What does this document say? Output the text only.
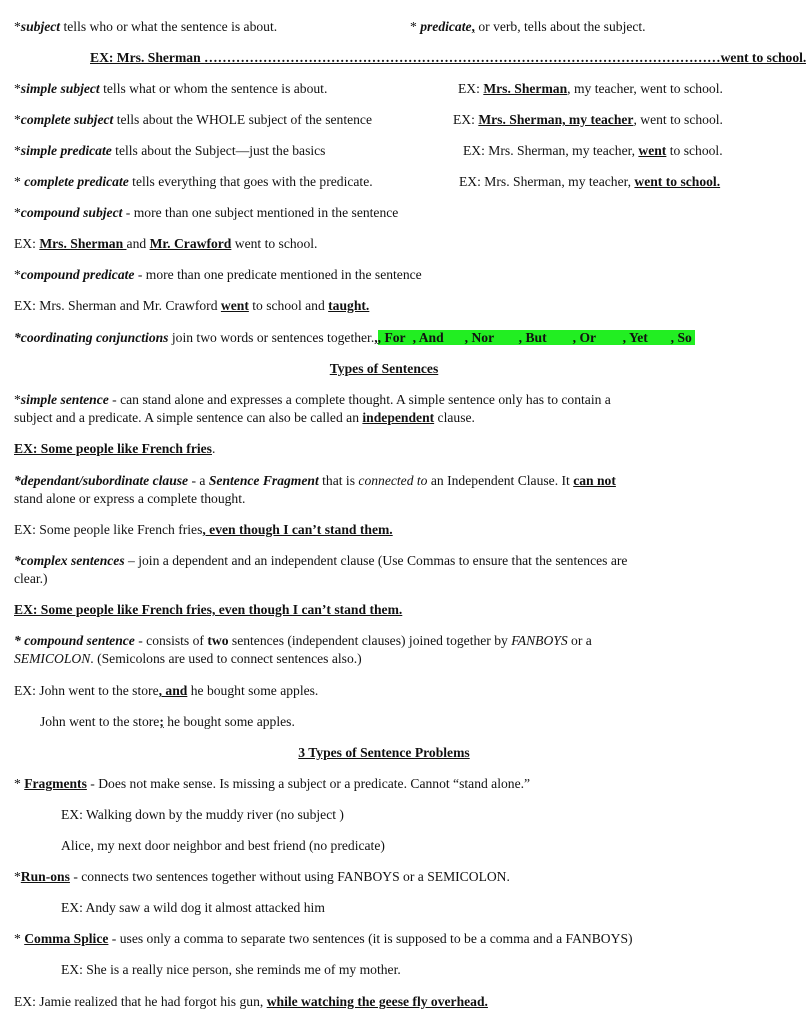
*subject tells who or what the sentence is about.	* predicate, or verb, tells about the subject.
EX: Mrs. Sherman ……………………………………………………………………………………………………went to school.
*simple subject tells what or whom the sentence is about.	EX: Mrs. Sherman, my teacher, went to school.
*complete subject tells about the WHOLE subject of the sentence	EX: Mrs. Sherman, my teacher, went to school.
*simple predicate tells about the Subject—just the basics	EX: Mrs. Sherman, my teacher, went to school.
* complete predicate tells everything that goes with the predicate.	EX: Mrs. Sherman, my teacher, went to school.
*compound subject - more than one subject mentioned in the sentence
EX: Mrs. Sherman and Mr. Crawford went to school.
*compound predicate - more than one predicate mentioned in the sentence
EX: Mrs. Sherman and Mr. Crawford went to school and taught.
*coordinating conjunctions join two words or sentences together.,, For , And , Nor , But , Or , Yet , So
Types of Sentences
*simple sentence - can stand alone and expresses a complete thought. A simple sentence only has to contain a
subject and a predicate. A simple sentence can also be called an independent clause.
EX: Some people like French fries.
*dependant/subordinate clause - a Sentence Fragment that is connected to an Independent Clause. It can not
stand alone or express a complete thought.
EX: Some people like French fries, even though I can’t stand them.
*complex sentences – join a dependent and an independent clause (Use Commas to ensure that the sentences are
clear.)
EX: Some people like French fries, even though I can’t stand them.
* compound sentence - consists of two sentences (independent clauses) joined together by FANBOYS or a
SEMICOLON. (Semicolons are used to connect sentences also.)
EX: John went to the store, and he bought some apples.
John went to the store; he bought some apples.
3 Types of Sentence Problems
* Fragments - Does not make sense. Is missing a subject or a predicate. Cannot “stand alone.”
EX: Walking down by the muddy river (no subject )
Alice, my next door neighbor and best friend (no predicate)
*Run-ons - connects two sentences together without using FANBOYS or a SEMICOLON.
EX: Andy saw a wild dog it almost attacked him
* Comma Splice - uses only a comma to separate two sentences (it is supposed to be a comma and a FANBOYS)
EX: She is a really nice person, she reminds me of my mother.
EX: Jamie realized that he had forgot his gun, while watching the geese fly overhead.
